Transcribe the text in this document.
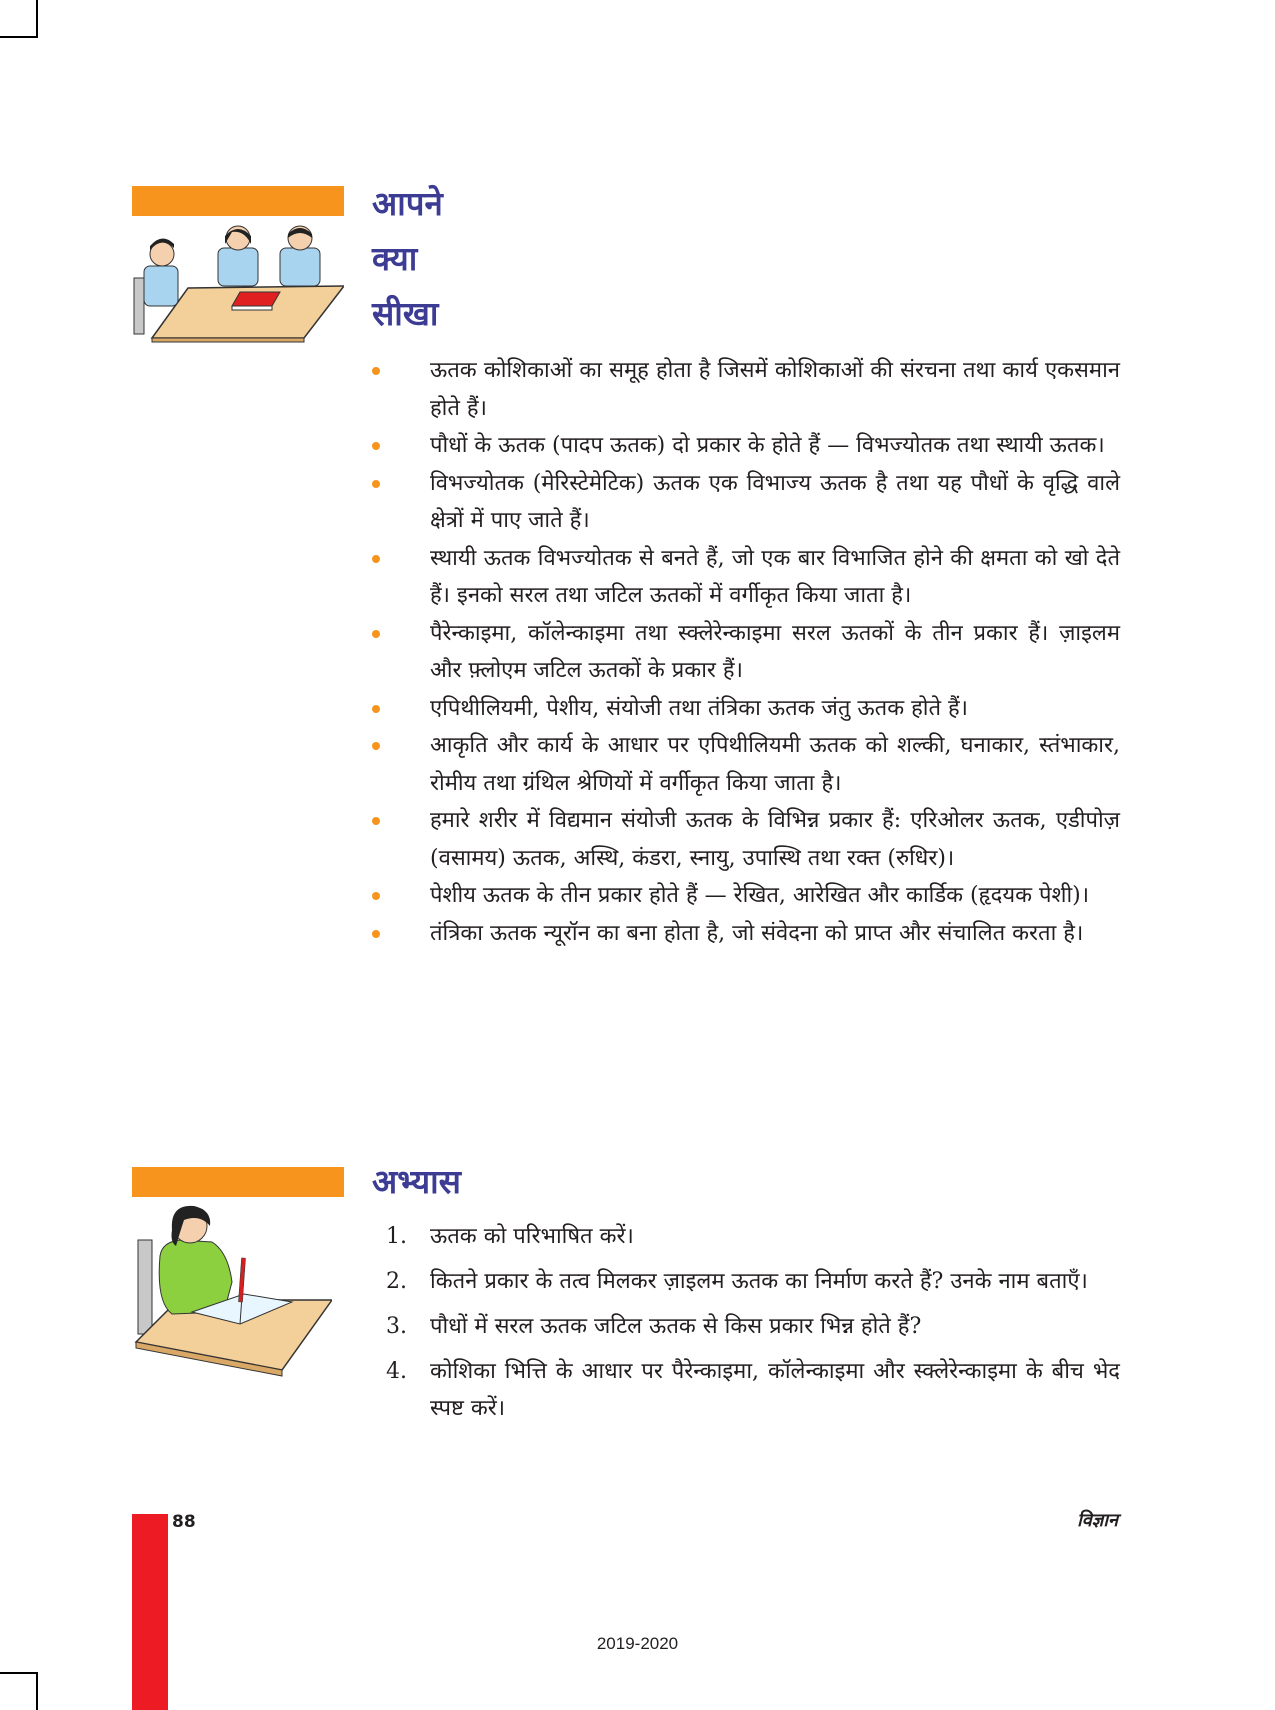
आपने
क्या
सीखा
ऊतक कोशिकाओं का समूह होता है जिसमें कोशिकाओं की संरचना तथा कार्य एकसमान होते हैं।
पौधों के ऊतक (पादप ऊतक) दो प्रकार के होते हैं — विभज्योतक तथा स्थायी ऊतक।
विभज्योतक (मेरिस्टेमेटिक) ऊतक एक विभाज्य ऊतक है तथा यह पौधों के वृद्धि वाले क्षेत्रों में पाए जाते हैं।
स्थायी ऊतक विभज्योतक से बनते हैं, जो एक बार विभाजित होने की क्षमता को खो देते हैं। इनको सरल तथा जटिल ऊतकों में वर्गीकृत किया जाता है।
पैरेन्काइमा, कॉलेन्काइमा तथा स्क्लेरेन्काइमा सरल ऊतकों के तीन प्रकार हैं। ज़ाइलम और फ़्लोएम जटिल ऊतकों के प्रकार हैं।
एपिथीलियमी, पेशीय, संयोजी तथा तंत्रिका ऊतक जंतु ऊतक होते हैं।
आकृति और कार्य के आधार पर एपिथीलियमी ऊतक को शल्की, घनाकार, स्तंभाकार, रोमीय तथा ग्रंथिल श्रेणियों में वर्गीकृत किया जाता है।
हमारे शरीर में विद्यमान संयोजी ऊतक के विभिन्न प्रकार हैं: एरिओलर ऊतक, एडीपोज़ (वसामय) ऊतक, अस्थि, कंडरा, स्नायु, उपास्थि तथा रक्त (रुधिर)।
पेशीय ऊतक के तीन प्रकार होते हैं — रेखित, आरेखित और कार्डिक (हृदयक पेशी)।
तंत्रिका ऊतक न्यूरॉन का बना होता है, जो संवेदना को प्राप्त और संचालित करता है।
अभ्यास
1. ऊतक को परिभाषित करें।
2. कितने प्रकार के तत्व मिलकर ज़ाइलम ऊतक का निर्माण करते हैं? उनके नाम बताएँ।
3. पौधों में सरल ऊतक जटिल ऊतक से किस प्रकार भिन्न होते हैं?
4. कोशिका भित्ति के आधार पर पैरेन्काइमा, कॉलेन्काइमा और स्क्लेरेन्काइमा के बीच भेद स्पष्ट करें।
88	विज्ञान
2019-2020
